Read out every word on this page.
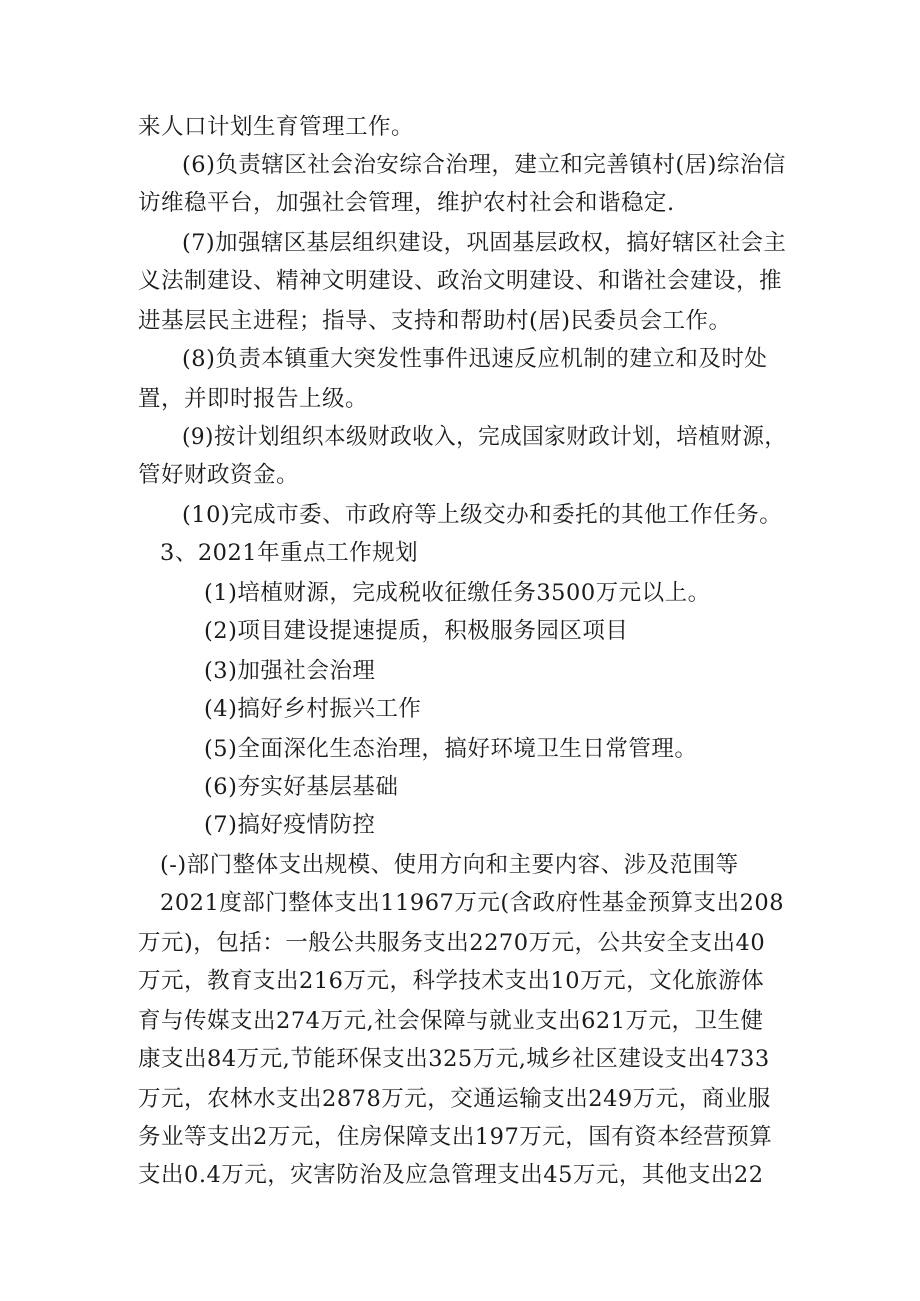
来人口计划生育管理工作。
(6)负责辖区社会治安综合治理，建立和完善镇村(居)综治信
访维稳平台，加强社会管理，维护农村社会和谐稳定.
(7)加强辖区基层组织建设，巩固基层政权，搞好辖区社会主
义法制建设、精神文明建设、政治文明建设、和谐社会建设，推
进基层民主进程；指导、支持和帮助村(居)民委员会工作。
(8)负责本镇重大突发性事件迅速反应机制的建立和及时处
置，并即时报告上级。
(9)按计划组织本级财政收入，完成国家财政计划，培植财源，
管好财政资金。
(10)完成市委、市政府等上级交办和委托的其他工作任务。
3、2021年重点工作规划
(1)培植财源，完成税收征缴任务3500万元以上。
(2)项目建设提速提质，积极服务园区项目
(3)加强社会治理
(4)搞好乡村振兴工作
(5)全面深化生态治理，搞好环境卫生日常管理。
(6)夯实好基层基础
(7)搞好疫情防控
(-)部门整体支出规模、使用方向和主要内容、涉及范围等
2021度部门整体支出11967万元(含政府性基金预算支出208
万元)，包括：一般公共服务支出2270万元，公共安全支出40
万元，教育支出216万元，科学技术支出10万元，文化旅游体
育与传媒支出274万元,社会保障与就业支出621万元，卫生健
康支出84万元,节能环保支出325万元,城乡社区建设支出4733
万元，农林水支出2878万元，交通运输支出249万元，商业服
务业等支出2万元，住房保障支出197万元，国有资本经营预算
支出0.4万元，灾害防治及应急管理支出45万元，其他支出22
